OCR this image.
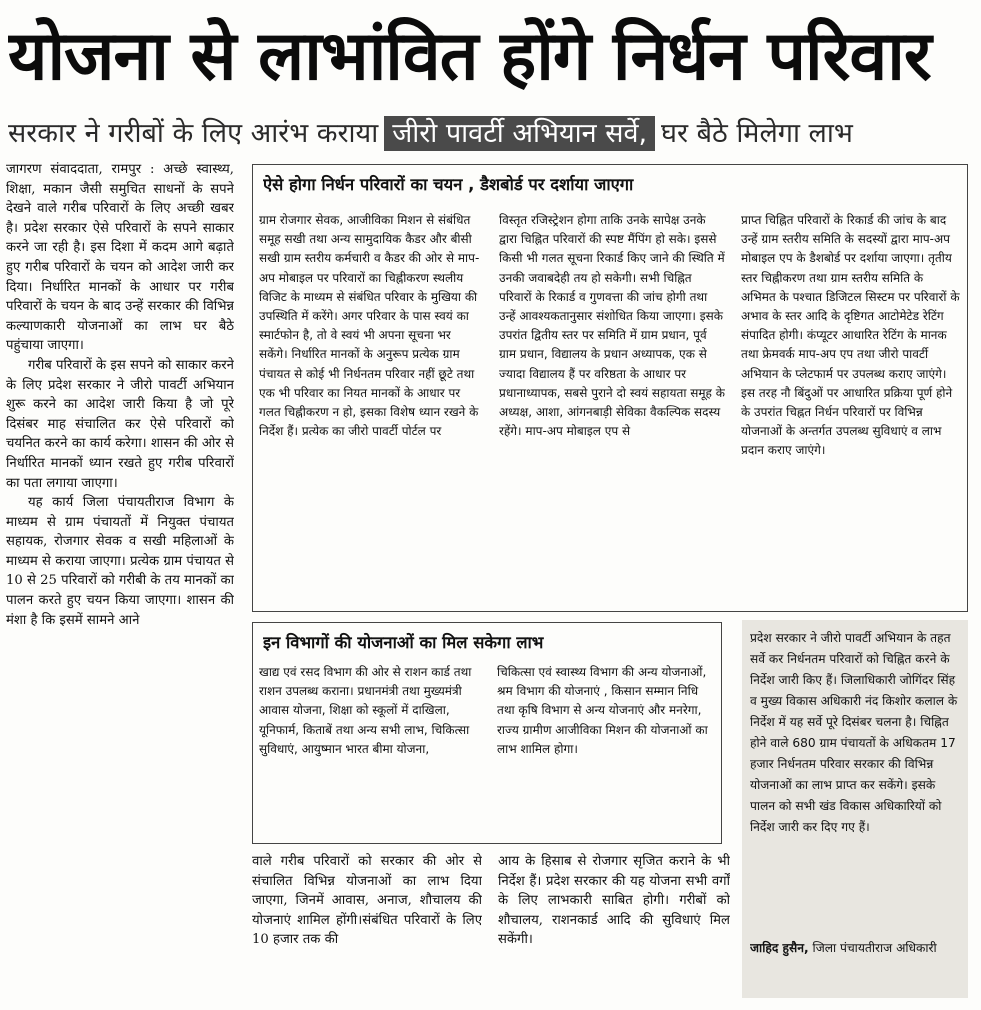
योजना से लाभांवित होंगे निर्धन परिवार
सरकार ने गरीबों के लिए आरंभ कराया जीरो पावर्टी अभियान सर्वे, घर बैठे मिलेगा लाभ

जागरण संवाददाता, रामपुर : अच्छे स्वास्थ्य, शिक्षा, मकान जैसी समुचित साधनों के सपने देखने वाले गरीब परिवारों के लिए अच्छी खबर है। प्रदेश सरकार ऐसे परिवारों के सपने साकार करने जा रही है। इस दिशा में कदम आगे बढ़ाते हुए गरीब परिवारों के चयन को आदेश जारी कर दिया। निर्धारित मानकों के आधार पर गरीब परिवारों के चयन के बाद उन्हें सरकार की विभिन्न कल्याणकारी योजनाओं का लाभ घर बैठे पहुंचाया जाएगा।

गरीब परिवारों के इस सपने को साकार करने के लिए प्रदेश सरकार ने जीरो पावर्टी अभियान शुरू करने का आदेश जारी किया है जो पूरे दिसंबर माह संचालित कर ऐसे परिवारों को चयनित करने का कार्य करेगा। शासन की ओर से निर्धारित मानकों ध्यान रखते हुए गरीब परिवारों का पता लगाया जाएगा।

यह कार्य जिला पंचायतीराज विभाग के माध्यम से ग्राम पंचायतों में नियुक्त पंचायत सहायक, रोजगार सेवक व सखी महिलाओं के माध्यम से कराया जाएगा। प्रत्येक ग्राम पंचायत से 10 से 25 परिवारों को गरीबी के तय मानकों का पालन करते हुए चयन किया जाएगा। शासन की मंशा है कि इसमें सामने आने

ऐसे होगा निर्धन परिवारों का चयन , डैशबोर्ड पर दर्शाया जाएगा
ग्राम रोजगार सेवक, आजीविका मिशन से संबंधित समूह सखी तथा अन्य सामुदायिक कैडर और बीसी सखी ग्राम स्तरीय कर्मचारी व कैडर की ओर से माप-अप मोबाइल पर परिवारों का चिह्नीकरण स्थलीय विजिट के माध्यम से संबंधित परिवार के मुखिया की उपस्थिति में करेंगे। अगर परिवार के पास स्वयं का स्मार्टफोन है, तो वे स्वयं भी अपना सूचना भर सकेंगे। निर्धारित मानकों के अनुरूप प्रत्येक ग्राम पंचायत से कोई भी निर्धनतम परिवार नहीं छूटे तथा एक भी परिवार का नियत मानकों के आधार पर गलत चिह्नीकरण न हो, इसका विशेष ध्यान रखने के निर्देश हैं। प्रत्येक का जीरो पावर्टी पोर्टल पर
विस्तृत रजिस्ट्रेशन होगा ताकि उनके सापेक्ष उनके द्वारा चिह्नित परिवारों की स्पष्ट मैंपिंग हो सके। इससे किसी भी गलत सूचना रिकार्ड किए जाने की स्थिति में उनकी जवाबदेही तय हो सकेगी। सभी चिह्नित परिवारों के रिकार्ड व गुणवत्ता की जांच होगी तथा उन्हें आवश्यकतानुसार संशोधित किया जाएगा। इसके उपरांत द्वितीय स्तर पर समिति में ग्राम प्रधान, पूर्व ग्राम प्रधान, विद्यालय के प्रधान अध्यापक, एक से ज्यादा विद्यालय हैं पर वरिष्ठता के आधार पर प्रधानाध्यापक, सबसे पुराने दो स्वयं सहायता समूह के अध्यक्ष, आशा, आंगनबाड़ी सेविका वैकल्पिक सदस्य रहेंगे। माप-अप मोबाइल एप से
प्राप्त चिह्नित परिवारों के रिकार्ड की जांच के बाद उन्हें ग्राम स्तरीय समिति के सदस्यों द्वारा माप-अप मोबाइल एप के डैशबोर्ड पर दर्शाया जाएगा। तृतीय स्तर चिह्नीकरण तथा ग्राम स्तरीय समिति के अभिमत के पश्चात डिजिटल सिस्टम पर परिवारों के अभाव के स्तर आदि के दृष्टिगत आटोमेटेड रेटिंग संपादित होगी। कंप्यूटर आधारित रेटिंग के मानक तथा फ्रेमवर्क माप-अप एप तथा जीरो पावर्टी अभियान के प्लेटफार्म पर उपलब्ध कराए जाएंगे। इस तरह नौ बिंदुओं पर आधारित प्रक्रिया पूर्ण होने के उपरांत चिह्नत निर्धन परिवारों पर विभिन्न योजनाओं के अन्तर्गत उपलब्ध सुविधाएं व लाभ प्रदान कराए जाएंगे।
इन विभागों की योजनाओं का मिल सकेगा लाभ
खाद्य एवं रसद विभाग की ओर से राशन कार्ड तथा राशन उपलब्ध कराना। प्रधानमंत्री तथा मुख्यमंत्री आवास योजना, शिक्षा को स्कूलों में दाखिला, यूनिफार्म, किताबें तथा अन्य सभी लाभ, चिकित्सा सुविधाएं, आयुष्मान भारत बीमा योजना,
चिकित्सा एवं स्वास्थ्य विभाग की अन्य योजनाओं, श्रम विभाग की योजनाएं , किसान सम्मान निधि तथा कृषि विभाग से अन्य योजनाएं और मनरेगा, राज्य ग्रामीण आजीविका मिशन की योजनाओं का लाभ शामिल होगा।
प्रदेश सरकार ने जीरो पावर्टी अभियान के तहत सर्वे कर निर्धनतम परिवारों को चिह्नित करने के निर्देश जारी किए हैं। जिलाधिकारी जोगिंदर सिंह व मुख्य विकास अधिकारी नंद किशोर कलाल के निर्देश में यह सर्वे पूरे दिसंबर चलना है। चिह्नित होने वाले 680 ग्राम पंचायतों के अधिकतम 17 हजार निर्धनतम परिवार सरकार की विभिन्न योजनाओं का लाभ प्राप्त कर सकेंगे। इसके पालन को सभी खंड विकास अधिकारियों को निर्देश जारी कर दिए गए हैं।
जाहिद हुसैन, जिला पंचायतीराज अधिकारी
वाले गरीब परिवारों को सरकार की ओर से संचालित विभिन्न योजनाओं का लाभ दिया जाएगा, जिनमें आवास, अनाज, शौचालय की योजनाएं शामिल होंगी।संबंधित परिवारों के लिए 10 हजार तक की
आय के हिसाब से रोजगार सृजित कराने के भी निर्देश हैं। प्रदेश सरकार की यह योजना सभी वर्गों के लिए लाभकारी साबित होगी। गरीबों को शौचालय, राशनकार्ड आदि की सुविधाएं मिल सकेंगी।
